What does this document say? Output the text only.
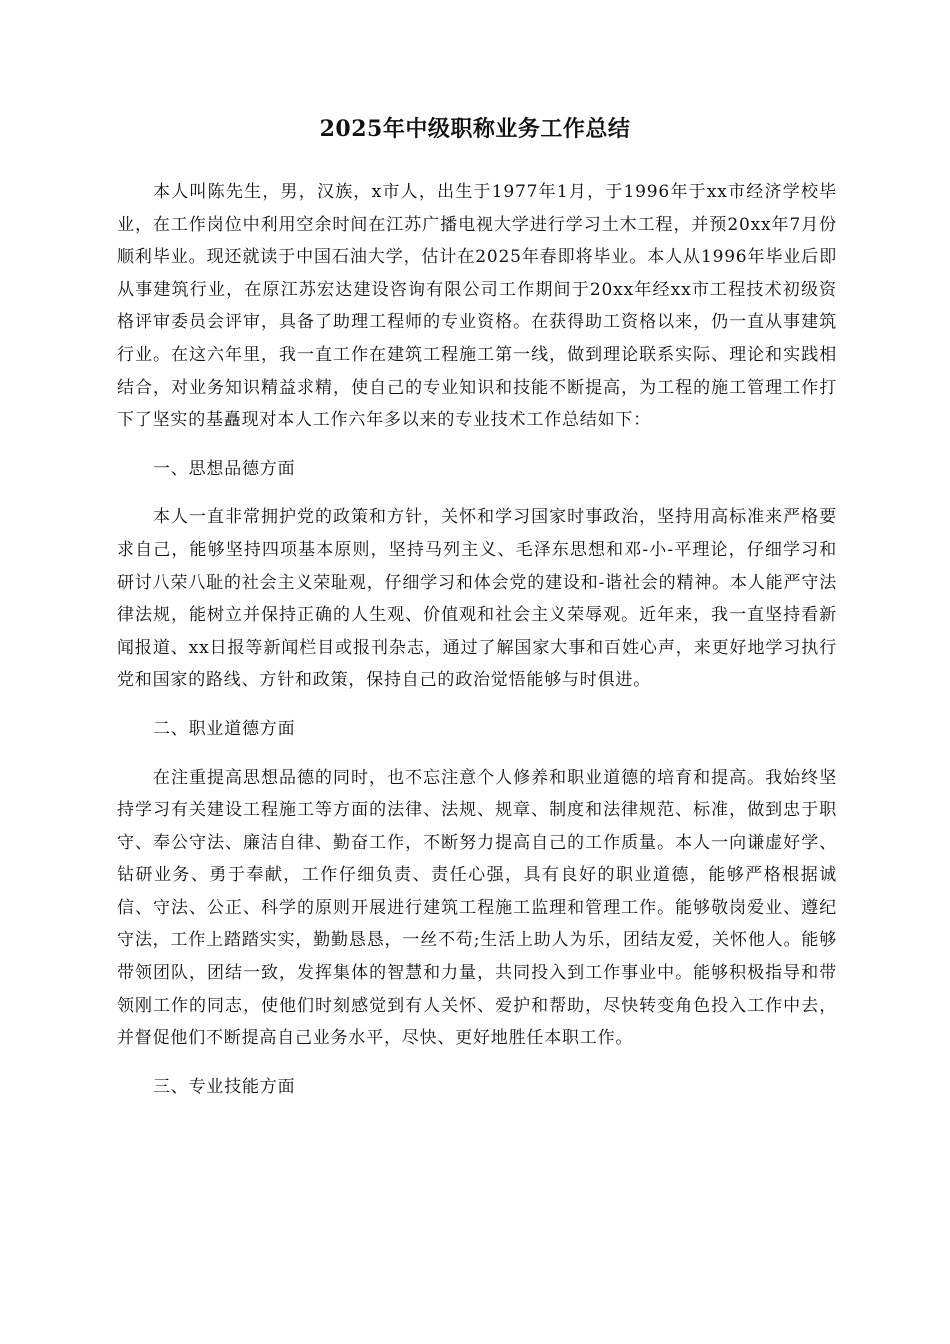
2025年中级职称业务工作总结

本人叫陈先生，男，汉族，x市人，出生于1977年1月，于1996年于xx市经济学校毕业，在工作岗位中利用空余时间在江苏广播电视大学进行学习土木工程，并预20xx年7月份顺利毕业。现还就读于中国石油大学，估计在2025年春即将毕业。本人从1996年毕业后即从事建筑行业，在原江苏宏达建设咨询有限公司工作期间于20xx年经xx市工程技术初级资格评审委员会评审，具备了助理工程师的专业资格。在获得助工资格以来，仍一直从事建筑行业。在这六年里，我一直工作在建筑工程施工第一线，做到理论联系实际、理论和实践相结合，对业务知识精益求精，使自己的专业知识和技能不断提高，为工程的施工管理工作打下了坚实的基矗现对本人工作六年多以来的专业技术工作总结如下：

一、思想品德方面

本人一直非常拥护党的政策和方针，关怀和学习国家时事政治，坚持用高标准来严格要求自己，能够坚持四项基本原则，坚持马列主义、毛泽东思想和邓-小-平理论，仔细学习和研讨八荣八耻的社会主义荣耻观，仔细学习和体会党的建设和-谐社会的精神。本人能严守法律法规，能树立并保持正确的人生观、价值观和社会主义荣辱观。近年来，我一直坚持看新闻报道、xx日报等新闻栏目或报刊杂志，通过了解国家大事和百姓心声，来更好地学习执行党和国家的路线、方针和政策，保持自己的政治觉悟能够与时俱进。

二、职业道德方面

在注重提高思想品德的同时，也不忘注意个人修养和职业道德的培育和提高。我始终坚持学习有关建设工程施工等方面的法律、法规、规章、制度和法律规范、标准，做到忠于职守、奉公守法、廉洁自律、勤奋工作，不断努力提高自己的工作质量。本人一向谦虚好学、钻研业务、勇于奉献，工作仔细负责、责任心强，具有良好的职业道德，能够严格根据诚信、守法、公正、科学的原则开展进行建筑工程施工监理和管理工作。能够敬岗爱业、遵纪守法，工作上踏踏实实，勤勤恳恳，一丝不苟;生活上助人为乐，团结友爱，关怀他人。能够带领团队，团结一致，发挥集体的智慧和力量，共同投入到工作事业中。能够积极指导和带领刚工作的同志，使他们时刻感觉到有人关怀、爱护和帮助，尽快转变角色投入工作中去，并督促他们不断提高自己业务水平，尽快、更好地胜任本职工作。

三、专业技能方面
